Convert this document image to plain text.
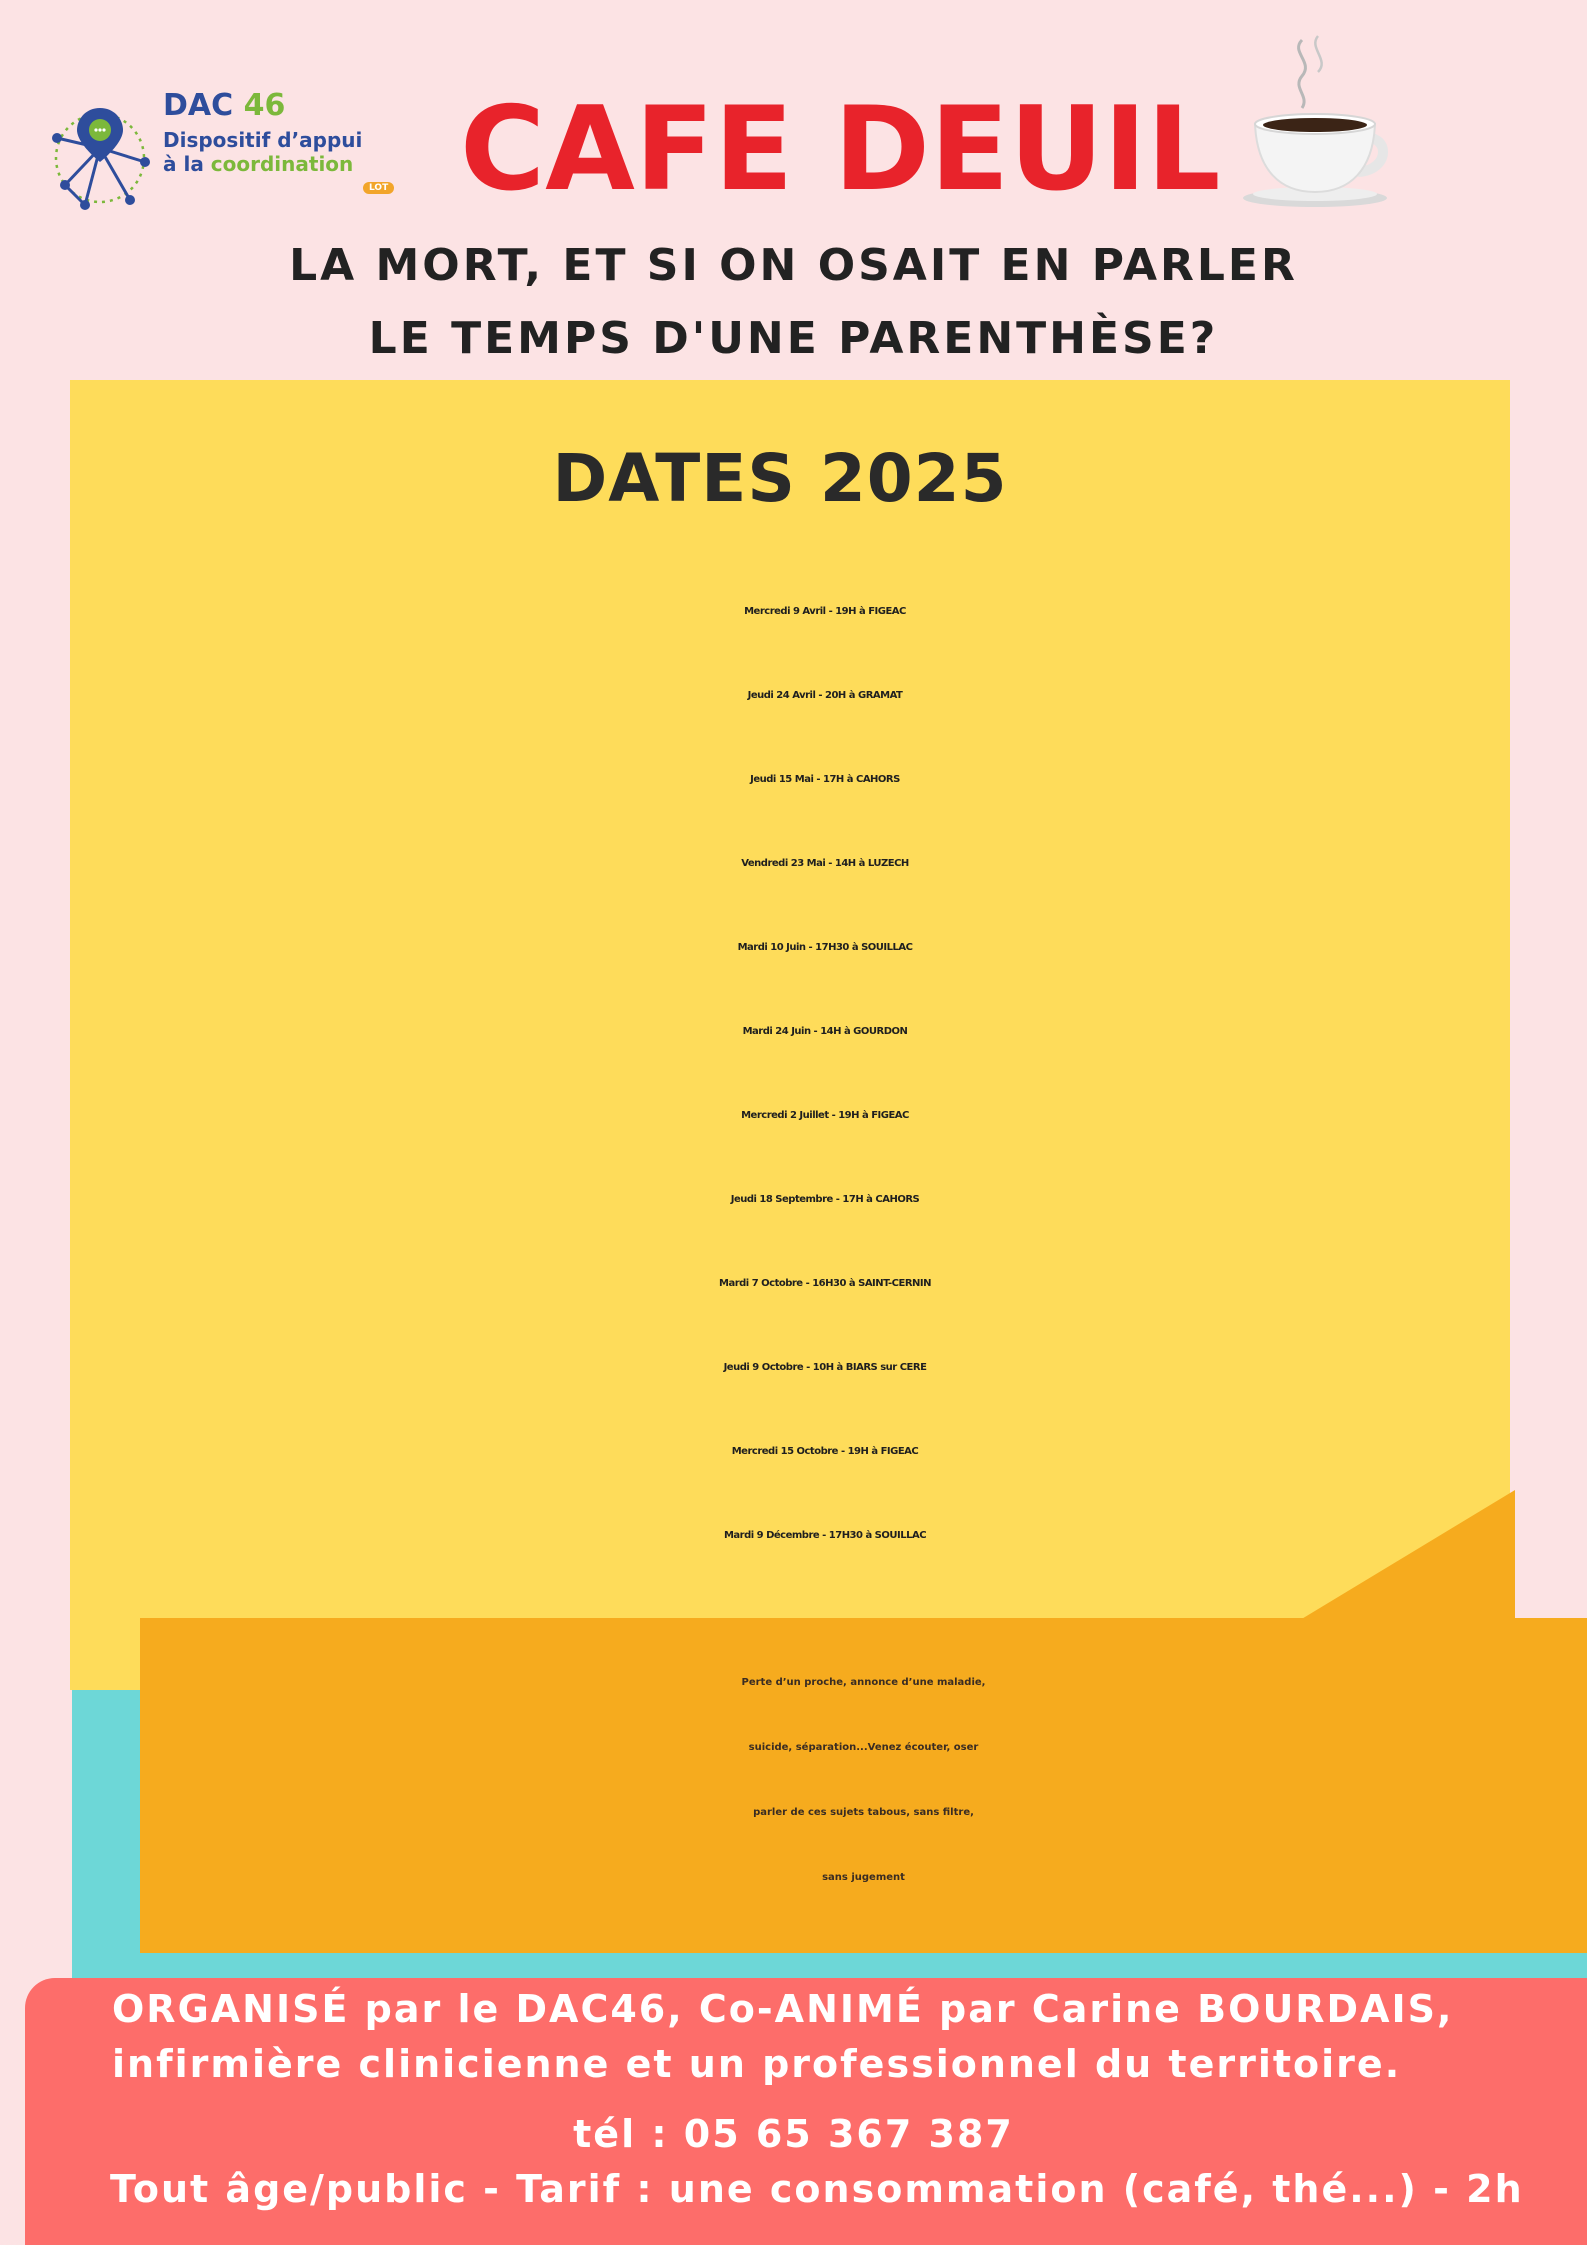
DAC 46
Dispositif d’appui
à la coordination
LOT CAFE DEUIL
LA MORT, ET SI ON OSAIT EN PARLER
LE TEMPS D'UNE PARENTHÈSE?
DATES 2025
Mercredi 9 Avril - 19H à FIGEAC
Jeudi 24 Avril - 20H à GRAMAT
Jeudi 15 Mai - 17H à CAHORS
Vendredi 23 Mai - 14H à LUZECH
Mardi 10 Juin - 17H30 à SOUILLAC
Mardi 24 Juin - 14H à GOURDON
Mercredi 2 Juillet - 19H à FIGEAC
Jeudi 18 Septembre - 17H à CAHORS
Mardi 7 Octobre - 16H30 à SAINT-CERNIN
Jeudi 9 Octobre - 10H à BIARS sur CERE
Mercredi 15 Octobre - 19H à FIGEAC
Mardi 9 Décembre - 17H30 à SOUILLAC
Perte d’un proche, annonce d’une maladie,
suicide, séparation...Venez écouter, oser
parler de ces sujets tabous, sans filtre,
sans jugement
ORGANISÉ par le DAC46, Co-ANIMÉ par Carine BOURDAIS,
infirmière clinicienne et un professionnel du territoire.
tél : 05 65 367 387
Tout âge/public - Tarif : une consommation (café, thé...) - 2h
